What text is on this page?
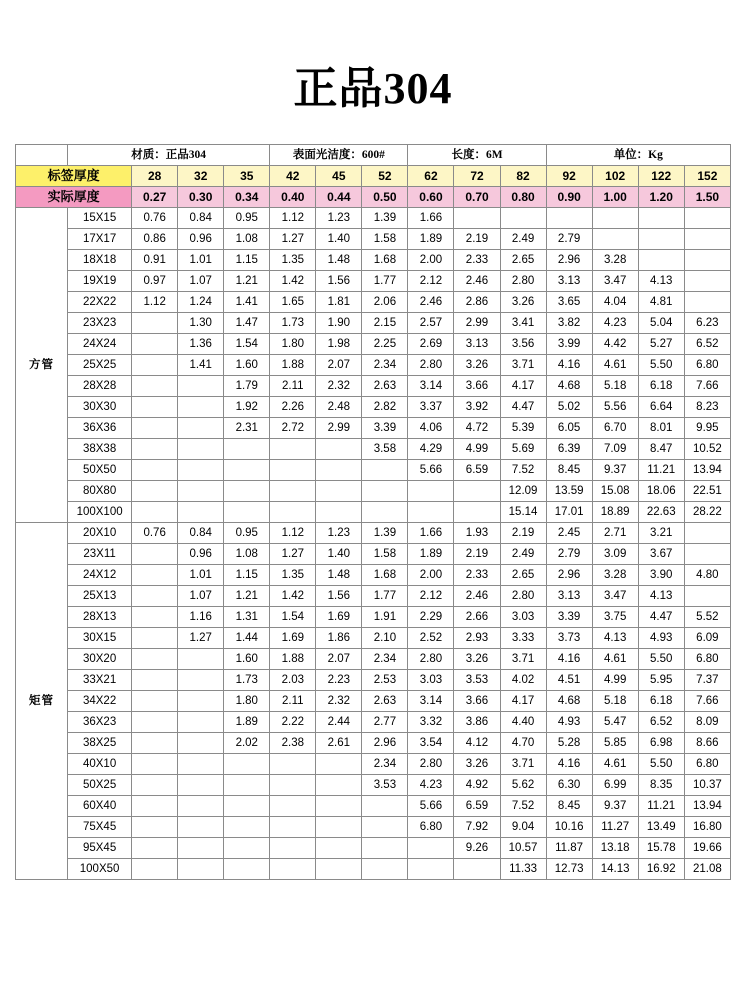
正品304
	材质：正品304				表面光洁度：600#			长度：6M			单位：Kg			
标签厚度		28	32	35	42	45	52	62	72	82	92	102	122	152
实际厚度		0.27	0.30	0.34	0.40	0.44	0.50	0.60	0.70	0.80	0.90	1.00	1.20	1.50
方管	15X15	0.76	0.84	0.95	1.12	1.23	1.39	1.66						
	17X17	0.86	0.96	1.08	1.27	1.40	1.58	1.89	2.19	2.49	2.79			
	18X18	0.91	1.01	1.15	1.35	1.48	1.68	2.00	2.33	2.65	2.96	3.28		
	19X19	0.97	1.07	1.21	1.42	1.56	1.77	2.12	2.46	2.80	3.13	3.47	4.13	
	22X22	1.12	1.24	1.41	1.65	1.81	2.06	2.46	2.86	3.26	3.65	4.04	4.81	
	23X23		1.30	1.47	1.73	1.90	2.15	2.57	2.99	3.41	3.82	4.23	5.04	6.23
	24X24		1.36	1.54	1.80	1.98	2.25	2.69	3.13	3.56	3.99	4.42	5.27	6.52
	25X25		1.41	1.60	1.88	2.07	2.34	2.80	3.26	3.71	4.16	4.61	5.50	6.80
	28X28			1.79	2.11	2.32	2.63	3.14	3.66	4.17	4.68	5.18	6.18	7.66
	30X30			1.92	2.26	2.48	2.82	3.37	3.92	4.47	5.02	5.56	6.64	8.23
	36X36			2.31	2.72	2.99	3.39	4.06	4.72	5.39	6.05	6.70	8.01	9.95
	38X38						3.58	4.29	4.99	5.69	6.39	7.09	8.47	10.52
	50X50							5.66	6.59	7.52	8.45	9.37	11.21	13.94
	80X80									12.09	13.59	15.08	18.06	22.51
	100X100									15.14	17.01	18.89	22.63	28.22
矩管	20X10	0.76	0.84	0.95	1.12	1.23	1.39	1.66	1.93	2.19	2.45	2.71	3.21	
	23X11		0.96	1.08	1.27	1.40	1.58	1.89	2.19	2.49	2.79	3.09	3.67	
	24X12		1.01	1.15	1.35	1.48	1.68	2.00	2.33	2.65	2.96	3.28	3.90	4.80
	25X13		1.07	1.21	1.42	1.56	1.77	2.12	2.46	2.80	3.13	3.47	4.13	
	28X13		1.16	1.31	1.54	1.69	1.91	2.29	2.66	3.03	3.39	3.75	4.47	5.52
	30X15		1.27	1.44	1.69	1.86	2.10	2.52	2.93	3.33	3.73	4.13	4.93	6.09
	30X20			1.60	1.88	2.07	2.34	2.80	3.26	3.71	4.16	4.61	5.50	6.80
	33X21			1.73	2.03	2.23	2.53	3.03	3.53	4.02	4.51	4.99	5.95	7.37
	34X22			1.80	2.11	2.32	2.63	3.14	3.66	4.17	4.68	5.18	6.18	7.66
	36X23			1.89	2.22	2.44	2.77	3.32	3.86	4.40	4.93	5.47	6.52	8.09
	38X25			2.02	2.38	2.61	2.96	3.54	4.12	4.70	5.28	5.85	6.98	8.66
	40X10						2.34	2.80	3.26	3.71	4.16	4.61	5.50	6.80
	50X25						3.53	4.23	4.92	5.62	6.30	6.99	8.35	10.37
	60X40							5.66	6.59	7.52	8.45	9.37	11.21	13.94
	75X45							6.80	7.92	9.04	10.16	11.27	13.49	16.80
	95X45								9.26	10.57	11.87	13.18	15.78	19.66
	100X50									11.33	12.73	14.13	16.92	21.08
